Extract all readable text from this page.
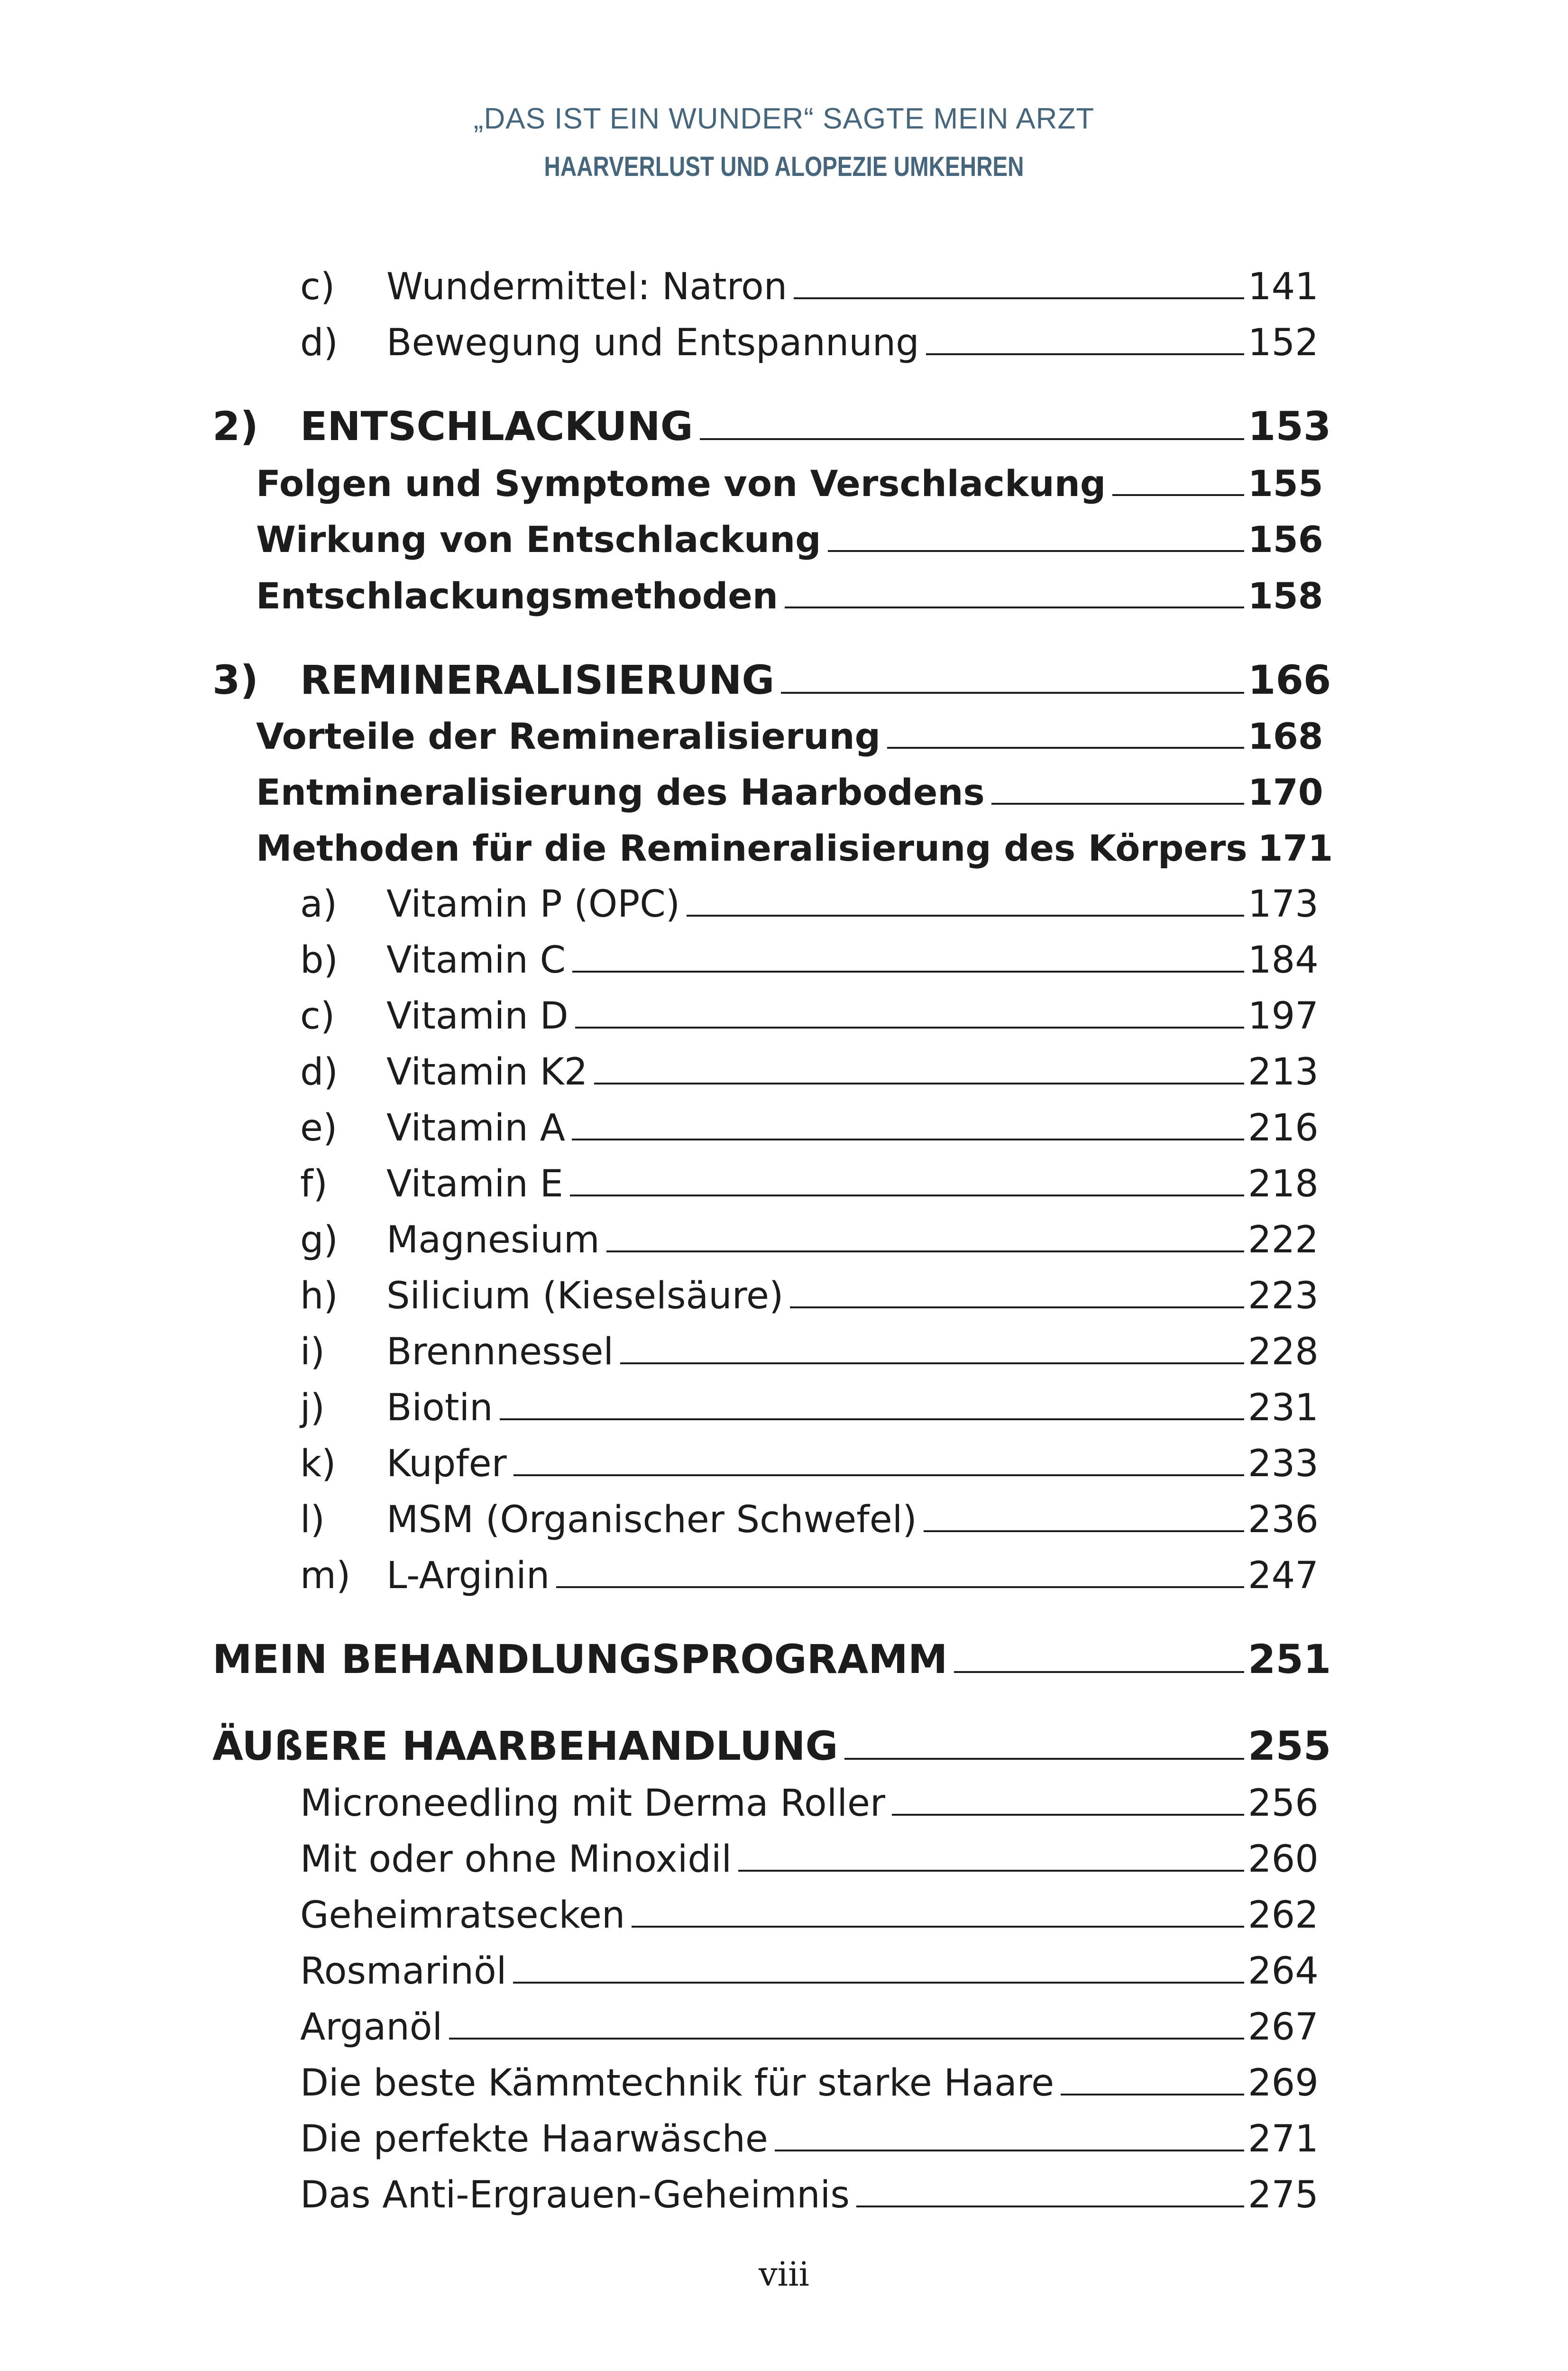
„DAS IST EIN WUNDER“ SAGTE MEIN ARZT
HAARVERLUST UND ALOPEZIE UMKEHREN
c) Wundermittel: Natron	141
d) Bewegung und Entspannung	152
2) ENTSCHLACKUNG	153
Folgen und Symptome von Verschlackung	155
Wirkung von Entschlackung	156
Entschlackungsmethoden	158
3) REMINERALISIERUNG	166
Vorteile der Remineralisierung	168
Entmineralisierung des Haarbodens	170
Methoden für die Remineralisierung des Körpers 171
a) Vitamin P (OPC)	173
b) Vitamin C	184
c) Vitamin D	197
d) Vitamin K2	213
e) Vitamin A	216
f) Vitamin E	218
g) Magnesium	222
h) Silicium (Kieselsäure)	223
i) Brennnessel	228
j) Biotin	231
k) Kupfer	233
l) MSM (Organischer Schwefel)	236
m) L-Arginin	247
MEIN BEHANDLUNGSPROGRAMM	251
ÄUßERE HAARBEHANDLUNG	255
Microneedling mit Derma Roller	256
Mit oder ohne Minoxidil	260
Geheimratsecken	262
Rosmarinöl	264
Arganöl	267
Die beste Kämmtechnik für starke Haare	269
Die perfekte Haarwäsche	271
Das Anti-Ergrauen-Geheimnis	275
viii
